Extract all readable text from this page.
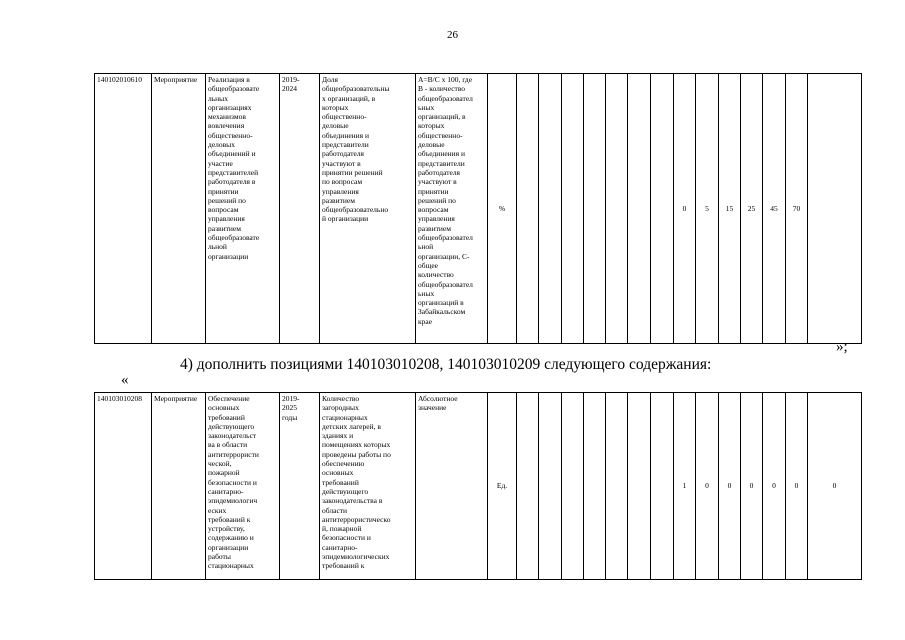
26
140102010610	Мероприятие	Реализация в
общеобразовате
льных
организациях
механизмов
вовлечения
общественно-
деловых
объединений и
участие
представителей
работодателя в
принятии
решений по
вопросам
управления
развитием
общеобразовате
льной
организации	2019-
2024	Доля
общеобразовательны
х организаций, в
которых
общественно-
деловые
объединения и
представители
работодателя
участвуют в
принятии решений
по вопросам
управления
развитием
общеобразовательно
й организации	A=B/C x 100, где
B - количество
общеобразовател
ьных
организаций, в
которых
общественно-
деловые
объединения и
представители
работодателя
участвуют в
принятии
решений по
вопросам
управления
развитием
общеобразовател
ьной
организации, С-
общее
количество
общеобразовател
ьных
организаций в
Забайкальском
крае	%								0	5	15	25	45	70	
»;
4) дополнить позициями 140103010208, 140103010209 следующего содержания:
«
140103010208	Мероприятие	Обеспечение
основных
требований
действующего
законодательст
ва в области
антитеррористи
ческой,
пожарной
безопасности и
санитарно-
эпидемиологич
еских
требований к
устройству,
содержанию и
организации
работы
стационарных	2019-
2025
годы	Количество
загородных
стационарных
детских лагерей, в
зданиях и
помещениях которых
проведены работы по
обеспечению
основных
требований
действующего
законодательства в
области
антитеррористическо
й, пожарной
безопасности и
санитарно-
эпидемиологических
требований к	Абсолютное
значение	Ед.								1	0	0	0	0	0	0
